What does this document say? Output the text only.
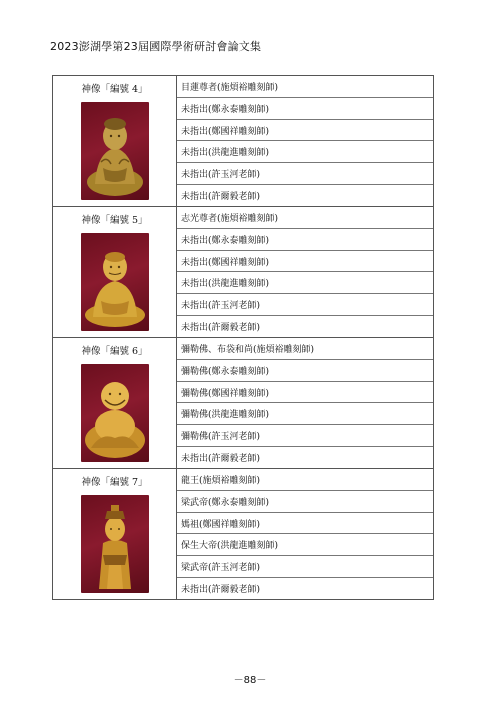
2023澎湖學第23屆國際學術研討會論文集
神像「編號 4」	目蓮尊者(施煩裕雕刻師)
未指出(鄭永泰雕刻師)
未指出(鄭國祥雕刻師)
未指出(洪龍進雕刻師)
未指出(許玉河老師)
未指出(許爾毅老師)
神像「編號 5」	志光尊者(施煩裕雕刻師)
未指出(鄭永泰雕刻師)
未指出(鄭國祥雕刻師)
未指出(洪龍進雕刻師)
未指出(許玉河老師)
未指出(許爾毅老師)
神像「編號 6」	彌勒佛、布袋和尚(施煩裕雕刻師)
彌勒佛(鄭永泰雕刻師)
彌勒佛(鄭國祥雕刻師)
彌勒佛(洪龍進雕刻師)
彌勒佛(許玉河老師)
未指出(許爾毅老師)
神像「編號 7」	龍王(施煩裕雕刻師)
梁武帝(鄭永泰雕刻師)
媽祖(鄭國祥雕刻師)
保生大帝(洪龍進雕刻師)
梁武帝(許玉河老師)
未指出(許爾毅老師)
－88－
